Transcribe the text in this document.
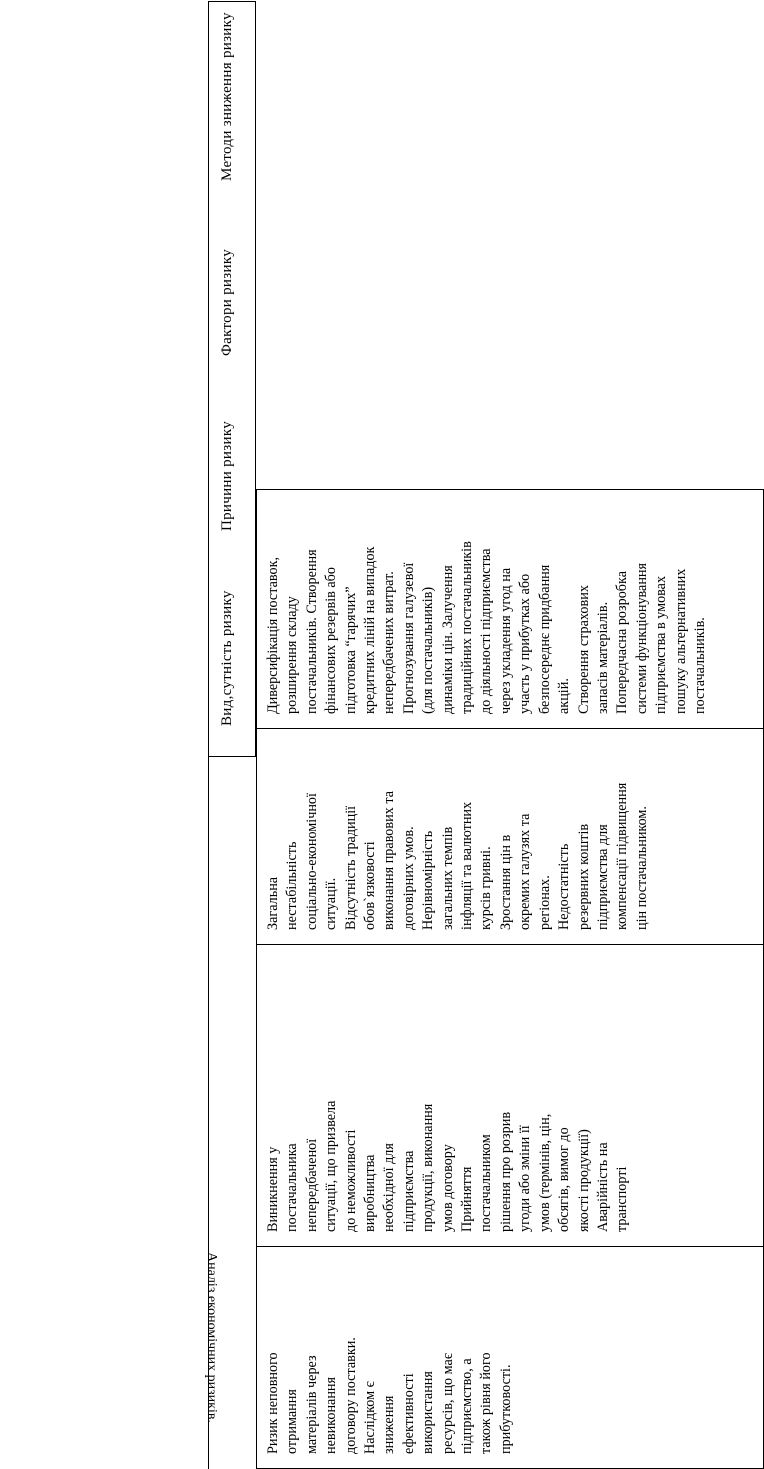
Аналіз економічних ризиків.
Вид,сутність ризику
Причини ризику
Фактори ризику
Методи зниження ризику

Ризик неповного отримання матеріалів через невиконання договору поставки. Наслідком є зниження ефективності використання ресурсів, що має підприємство, а також рівня його прибутковості.

Виникнення у постачальника непередбаченої ситуації, що призвела до неможливості виробництва необхідної для підприємства продукції, виконання умов договору Прийняття постачальником рішення про розрив угоди або зміни її умов (термінів, цін, обсягів, вимог до якості продукції) Аварійність на транспорті

Загальна нестабільність соціально-економічної ситуації. Відсутність традиції обов`язковості виконання правових та договірних умов. Нерівномірність загальних темпів інфляції та валютних курсів гривні. Зростання цін в окремих галузях та регіонах. Недостатність резервних коштів підприємства для компенсації підвищення цін постачальником.

Диверсифікація поставок, розширення складу постачальників. Створення фінансових резервів або підготовка “гарячих” кредитних ліній на випадок непередбачених витрат. Прогнозування галузевої (для постачальників) динаміки цін. Залучення традиційних постачальників до діяльності підприємства через укладення угод на участь у прибутках або безпосереднє придбання акцій. Створення страхових запасів матеріалів. Попередчасна розробка системи функціонування підприємства в умовах пошуку альтернативних постачальників.
